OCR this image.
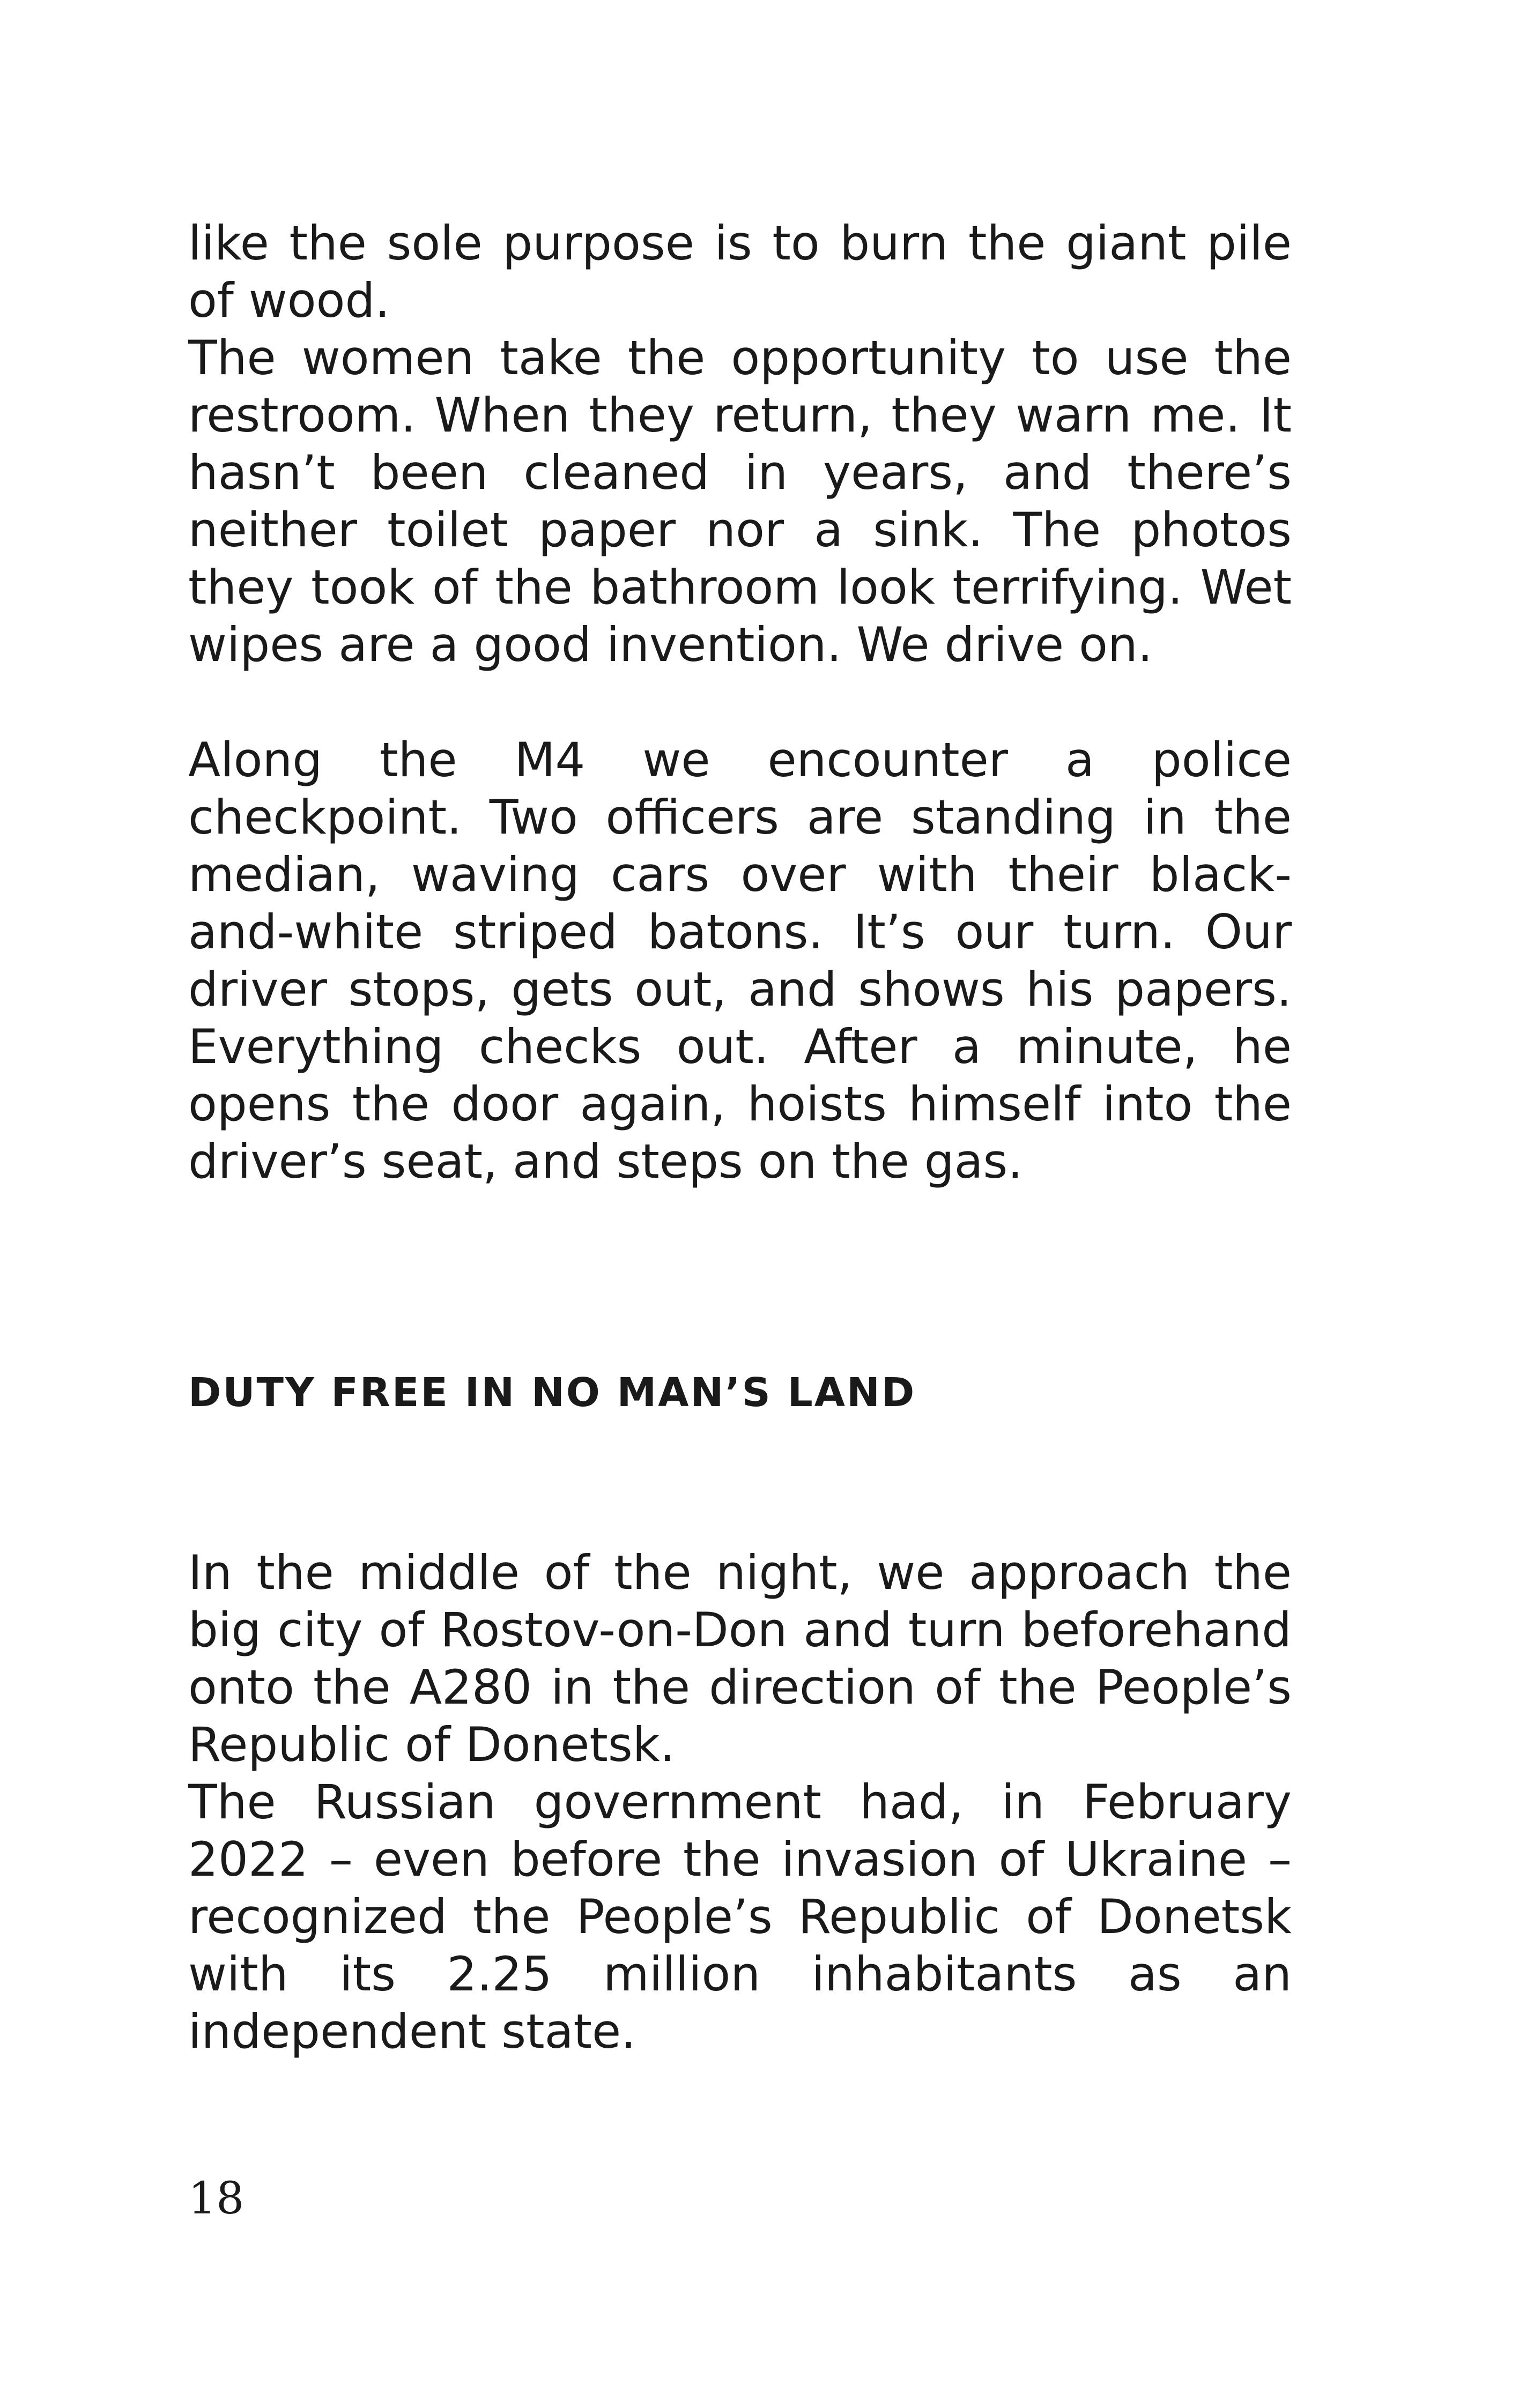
like the sole purpose is to burn the giant pile of wood.

The women take the opportunity to use the restroom. When they return, they warn me. It hasn’t been cleaned in years, and there’s neither toilet paper nor a sink. The photos they took of the bathroom look terrifying. Wet wipes are a good invention. We drive on.

Along the M4 we encounter a police checkpoint. Two officers are standing in the median, waving cars over with their black-and-white striped batons. It’s our turn. Our driver stops, gets out, and shows his papers. Everything checks out. After a minute, he opens the door again, hoists himself into the driver’s seat, and steps on the gas.

DUTY FREE IN NO MAN’S LAND

In the middle of the night, we approach the big city of Rostov-on-Don and turn beforehand onto the A280 in the direction of the People’s Republic of Donetsk.

The Russian government had, in February 2022 – even before the invasion of Ukraine – recognized the People’s Republic of Donetsk with its 2.25 million inhabitants as an independent state.

18
